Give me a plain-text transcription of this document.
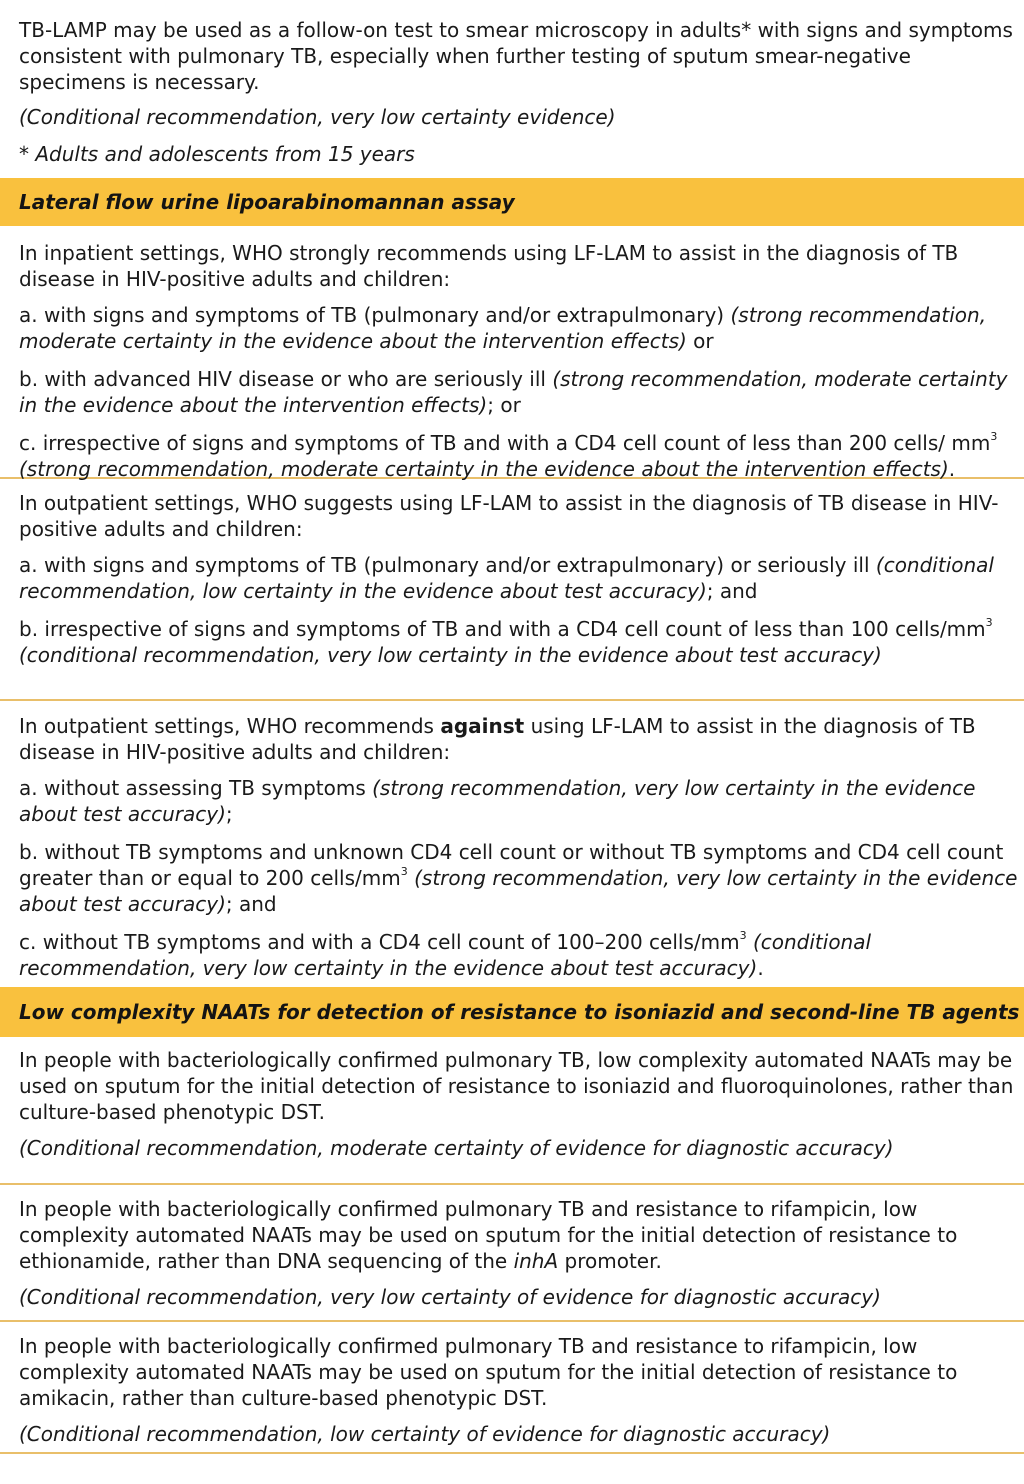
TB-LAMP may be used as a follow-on test to smear microscopy in adults* with signs and symptoms consistent with pulmonary TB, especially when further testing of sputum smear-negative specimens is necessary.

(Conditional recommendation, very low certainty evidence)

* Adults and adolescents from 15 years

Lateral flow urine lipoarabinomannan assay

In inpatient settings, WHO strongly recommends using LF-LAM to assist in the diagnosis of TB disease in HIV-positive adults and children:

a. with signs and symptoms of TB (pulmonary and/or extrapulmonary) (strong recommendation, moderate certainty in the evidence about the intervention effects) or

b. with advanced HIV disease or who are seriously ill (strong recommendation, moderate certainty in the evidence about the intervention effects); or

c. irrespective of signs and symptoms of TB and with a CD4 cell count of less than 200 cells/ $mm^3$ (strong recommendation, moderate certainty in the evidence about the intervention effects).

In outpatient settings, WHO suggests using LF-LAM to assist in the diagnosis of TB disease in HIV-positive adults and children:

a. with signs and symptoms of TB (pulmonary and/or extrapulmonary) or seriously ill (conditional recommendation, low certainty in the evidence about test accuracy); and

b. irrespective of signs and symptoms of TB and with a CD4 cell count of less than 100 cells/$mm^3$ (conditional recommendation, very low certainty in the evidence about test accuracy)

In outpatient settings, WHO recommends against using LF-LAM to assist in the diagnosis of TB disease in HIV-positive adults and children:

a. without assessing TB symptoms (strong recommendation, very low certainty in the evidence about test accuracy);

b. without TB symptoms and unknown CD4 cell count or without TB symptoms and CD4 cell count greater than or equal to 200 cells/$mm^3$ (strong recommendation, very low certainty in the evidence about test accuracy); and

c. without TB symptoms and with a CD4 cell count of 100–200 cells/$mm^3$ (conditional recommendation, very low certainty in the evidence about test accuracy).

Low complexity NAATs for detection of resistance to isoniazid and second-line TB agents

In people with bacteriologically confirmed pulmonary TB, low complexity automated NAATs may be used on sputum for the initial detection of resistance to isoniazid and fluoroquinolones, rather than culture-based phenotypic DST.

(Conditional recommendation, moderate certainty of evidence for diagnostic accuracy)

In people with bacteriologically confirmed pulmonary TB and resistance to rifampicin, low complexity automated NAATs may be used on sputum for the initial detection of resistance to ethionamide, rather than DNA sequencing of the inhA promoter.

(Conditional recommendation, very low certainty of evidence for diagnostic accuracy)

In people with bacteriologically confirmed pulmonary TB and resistance to rifampicin, low complexity automated NAATs may be used on sputum for the initial detection of resistance to amikacin, rather than culture-based phenotypic DST.

(Conditional recommendation, low certainty of evidence for diagnostic accuracy)
